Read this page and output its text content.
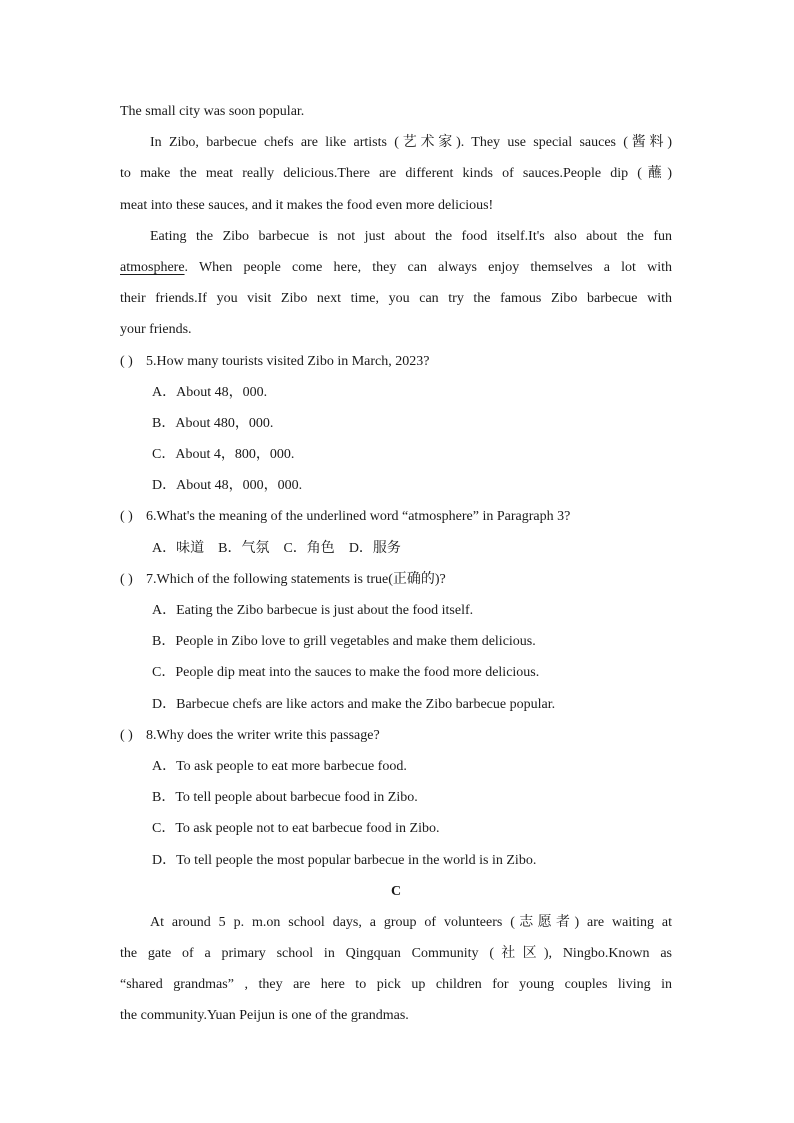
The small city was soon popular.
In Zibo, barbecue chefs are like artists (艺术家). They use special sauces (酱料)
to make the meat really delicious.There are different kinds of sauces.People dip (蘸)
meat into these sauces, and it makes the food even more delicious!
Eating the Zibo barbecue is not just about the food itself.It's also about the fun
atmosphere. When people come here, they can always enjoy themselves a lot with
their friends.If you visit Zibo next time, you can try the famous Zibo barbecue with
your friends.
( ) 5.How many tourists visited Zibo in March, 2023?
A．About 48，000.
B．About 480，000.
C．About 4，800，000.
D．About 48，000，000.
( ) 6.What's the meaning of the underlined word “atmosphere” in Paragraph 3?
A．味道 B．气氛 C．角色 D．服务
( ) 7.Which of the following statements is true(正确的)?
A．Eating the Zibo barbecue is just about the food itself.
B．People in Zibo love to grill vegetables and make them delicious.
C．People dip meat into the sauces to make the food more delicious.
D．Barbecue chefs are like actors and make the Zibo barbecue popular.
( ) 8.Why does the writer write this passage?
A．To ask people to eat more barbecue food.
B．To tell people about barbecue food in Zibo.
C．To ask people not to eat barbecue food in Zibo.
D．To tell people the most popular barbecue in the world is in Zibo.
C
At around 5 p. m.on school days, a group of volunteers (志愿者) are waiting at
the gate of a primary school in Qingquan Community (社区), Ningbo.Known as
“shared grandmas” , they are here to pick up children for young couples living in
the community.Yuan Peijun is one of the grandmas.
